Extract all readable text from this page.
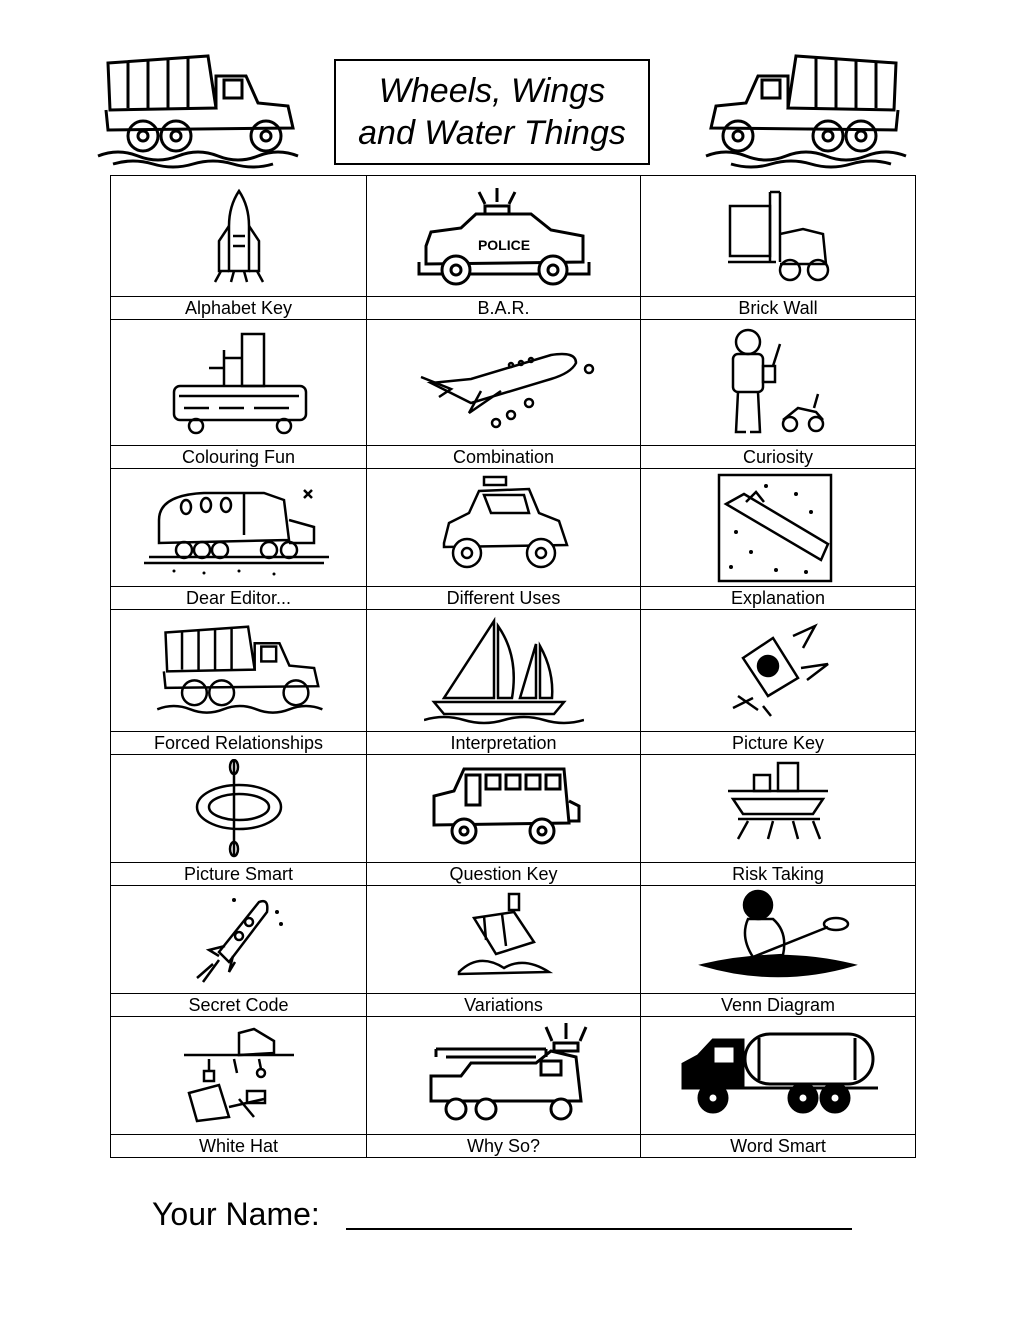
Wheels, Wings
and Water Things

POLICE

Alphabet Key	B.A.R.	Brick Wall

Colouring Fun	Combination	Curiosity

Dear Editor...	Different Uses	Explanation

Forced Relationships	Interpretation	Picture Key

Picture Smart	Question Key	Risk Taking

Secret Code	Variations	Venn Diagram

White Hat	Why So?	Word Smart
Your Name:
